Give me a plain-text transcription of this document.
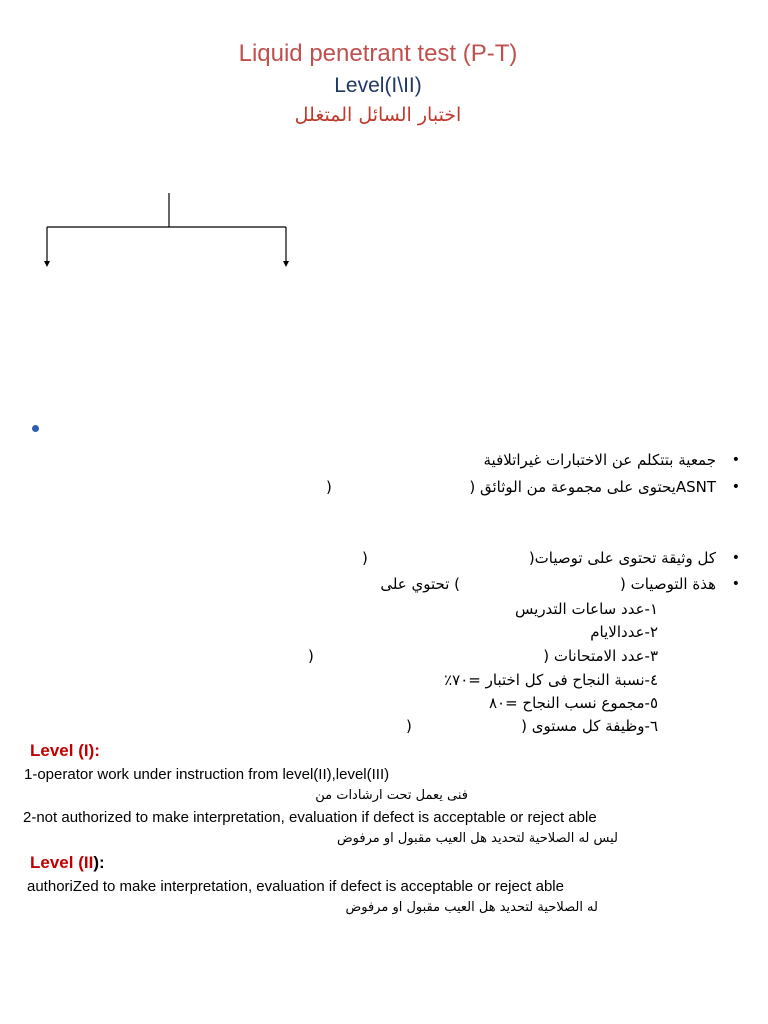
Liquid penetrant test (P-T)
Level(I\II)
اختبار السائل المتغلل
• جمعية بتتكلم عن الاختبارات غيراتلافية
• ASNTيحتوى على مجموعة من الوثائق (
)
• كل وثيقة تحتوى على توصيات(
)
• هذة التوصيات (
) تحتوي على
١-عدد ساعات التدريس
٢-عددالايام
٣-عدد الامتحانات (
)
٤-نسبة النجاح فى كل اختبار =٧٠٪
٥-مجموع نسب النجاح =٨٠
٦-وظيفة كل مستوى (
)
Level (I):
1-operator work under instruction from level(II),level(III)
فنى يعمل تحت ارشادات من
2-not authorized to make interpretation, evaluation if defect is acceptable or reject able
ليس له الصلاحية لتحديد هل العيب مقبول او مرفوض
Level (II):
authoriZed to make interpretation, evaluation if defect is acceptable or reject able
له الصلاحية لتحديد هل العيب مقبول او مرفوض
